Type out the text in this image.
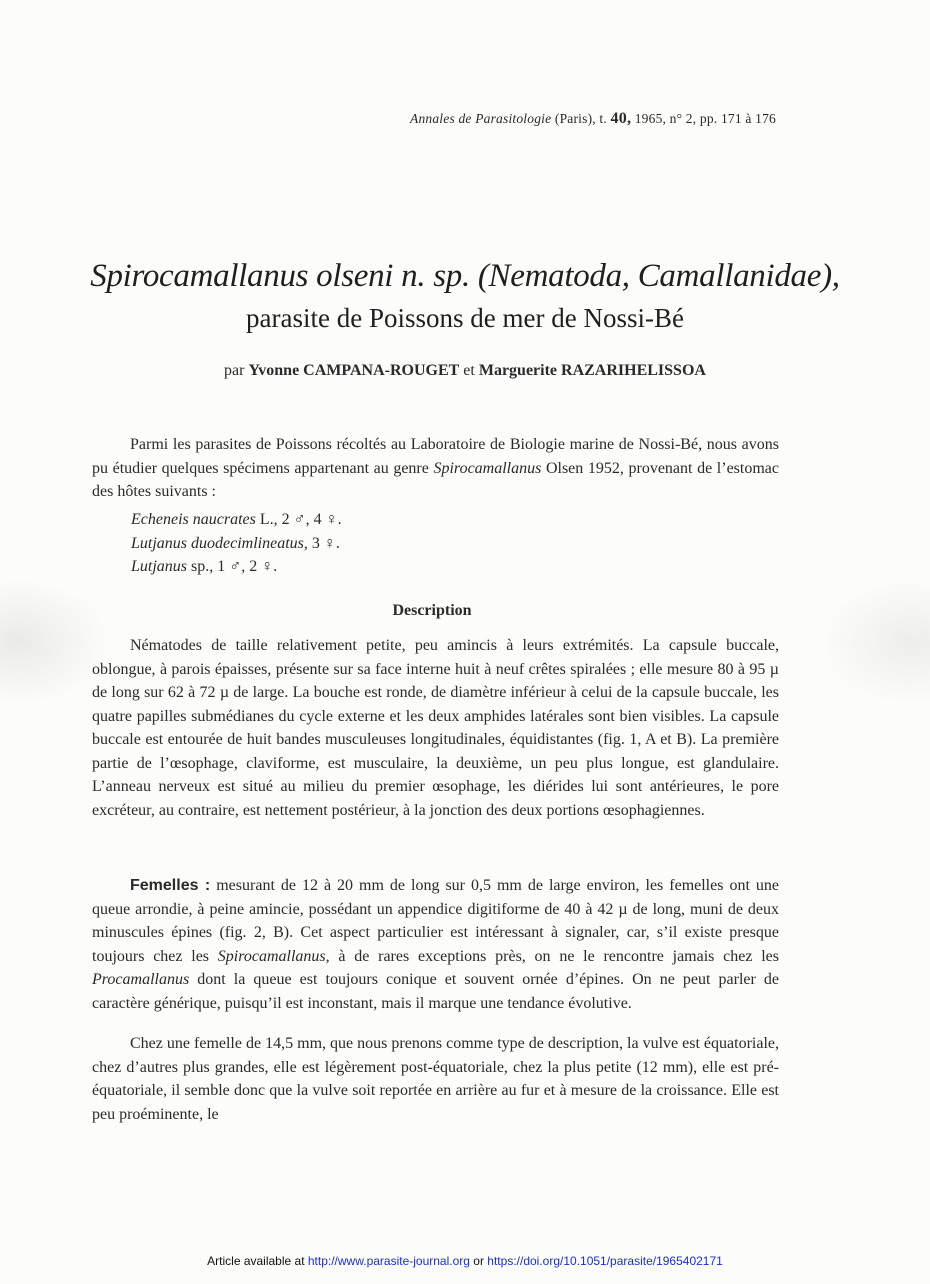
Annales de Parasitologie (Paris), t. 40, 1965, n° 2, pp. 171 à 176
Spirocamallanus olseni n. sp. (Nematoda, Camallanidae),
parasite de Poissons de mer de Nossi-Bé
par Yvonne CAMPANA-ROUGET et Marguerite RAZARIHELISSOA

Parmi les parasites de Poissons récoltés au Laboratoire de Biologie marine de Nossi-Bé, nous avons pu étudier quelques spécimens appartenant au genre Spirocamallanus Olsen 1952, provenant de l’estomac des hôtes suivants :

Echeneis naucrates L., 2 ♂, 4 ♀.
Lutjanus duodecimlineatus, 3 ♀.
Lutjanus sp., 1 ♂, 2 ♀.
Description

Nématodes de taille relativement petite, peu amincis à leurs extrémités. La capsule buccale, oblongue, à parois épaisses, présente sur sa face interne huit à neuf crêtes spiralées ; elle mesure 80 à 95 µ de long sur 62 à 72 µ de large. La bouche est ronde, de diamètre inférieur à celui de la capsule buccale, les quatre papilles submédianes du cycle externe et les deux amphides latérales sont bien visibles. La capsule buccale est entourée de huit bandes musculeuses longitudinales, équidistantes (fig. 1, A et B). La première partie de l’œsophage, claviforme, est musculaire, la deuxième, un peu plus longue, est glandulaire. L’anneau nerveux est situé au milieu du premier œsophage, les diérides lui sont antérieures, le pore excréteur, au contraire, est nettement postérieur, à la jonction des deux portions œsophagiennes.

Femelles : mesurant de 12 à 20 mm de long sur 0,5 mm de large environ, les femelles ont une queue arrondie, à peine amincie, possédant un appendice digitiforme de 40 à 42 µ de long, muni de deux minuscules épines (fig. 2, B). Cet aspect particulier est intéressant à signaler, car, s’il existe presque toujours chez les Spirocamallanus, à de rares exceptions près, on ne le rencontre jamais chez les Procamallanus dont la queue est toujours conique et souvent ornée d’épines. On ne peut parler de caractère générique, puisqu’il est inconstant, mais il marque une tendance évolutive.

Chez une femelle de 14,5 mm, que nous prenons comme type de description, la vulve est équatoriale, chez d’autres plus grandes, elle est légèrement post-équatoriale, chez la plus petite (12 mm), elle est pré-équatoriale, il semble donc que la vulve soit reportée en arrière au fur et à mesure de la croissance. Elle est peu proéminente, le

Article available at http://www.parasite-journal.org or https://doi.org/10.1051/parasite/1965402171
